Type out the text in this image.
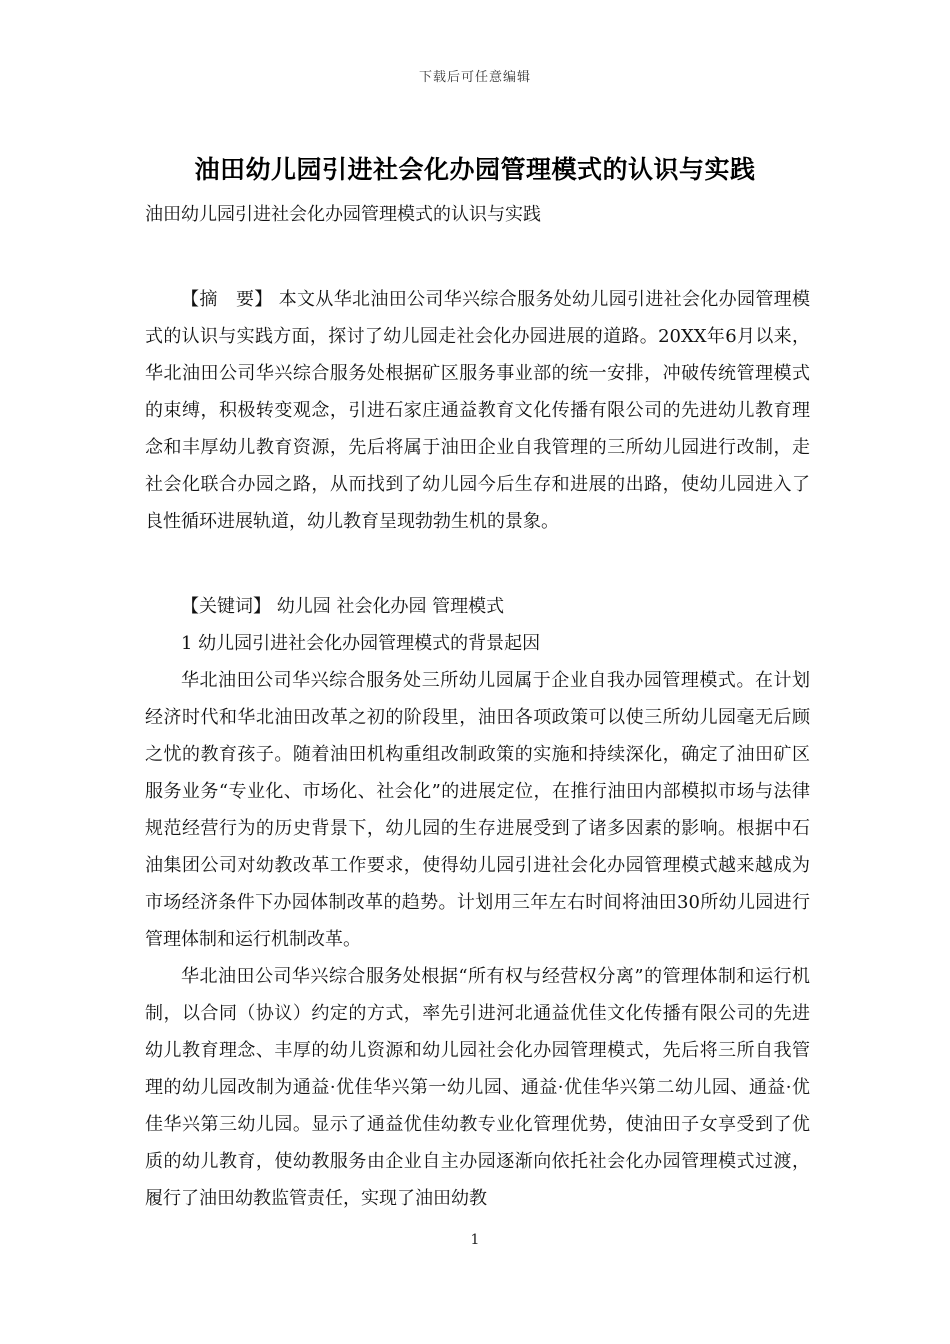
下载后可任意编辑
油田幼儿园引进社会化办园管理模式的认识与实践

油田幼儿园引进社会化办园管理模式的认识与实践

【摘　要】 本文从华北油田公司华兴综合服务处幼儿园引进社会化办园管理模式的认识与实践方面，探讨了幼儿园走社会化办园进展的道路。20XX年6月以来，华北油田公司华兴综合服务处根据矿区服务事业部的统一安排，冲破传统管理模式的束缚，积极转变观念，引进石家庄通益教育文化传播有限公司的先进幼儿教育理念和丰厚幼儿教育资源，先后将属于油田企业自我管理的三所幼儿园进行改制，走社会化联合办园之路，从而找到了幼儿园今后生存和进展的出路，使幼儿园进入了良性循环进展轨道，幼儿教育呈现勃勃生机的景象。

【关键词】 幼儿园 社会化办园 管理模式

1 幼儿园引进社会化办园管理模式的背景起因

华北油田公司华兴综合服务处三所幼儿园属于企业自我办园管理模式。在计划经济时代和华北油田改革之初的阶段里，油田各项政策可以使三所幼儿园毫无后顾之忧的教育孩子。随着油田机构重组改制政策的实施和持续深化，确定了油田矿区服务业务“专业化、市场化、社会化”的进展定位，在推行油田内部模拟市场与法律规范经营行为的历史背景下，幼儿园的生存进展受到了诸多因素的影响。根据中石油集团公司对幼教改革工作要求，使得幼儿园引进社会化办园管理模式越来越成为市场经济条件下办园体制改革的趋势。计划用三年左右时间将油田30所幼儿园进行管理体制和运行机制改革。

华北油田公司华兴综合服务处根据“所有权与经营权分离”的管理体制和运行机制，以合同（协议）约定的方式，率先引进河北通益优佳文化传播有限公司的先进幼儿教育理念、丰厚的幼儿资源和幼儿园社会化办园管理模式，先后将三所自我管理的幼儿园改制为通益·优佳华兴第一幼儿园、通益·优佳华兴第二幼儿园、通益·优佳华兴第三幼儿园。显示了通益优佳幼教专业化管理优势，使油田子女享受到了优质的幼儿教育，使幼教服务由企业自主办园逐渐向依托社会化办园管理模式过渡，履行了油田幼教监管责任，实现了油田幼教

1
